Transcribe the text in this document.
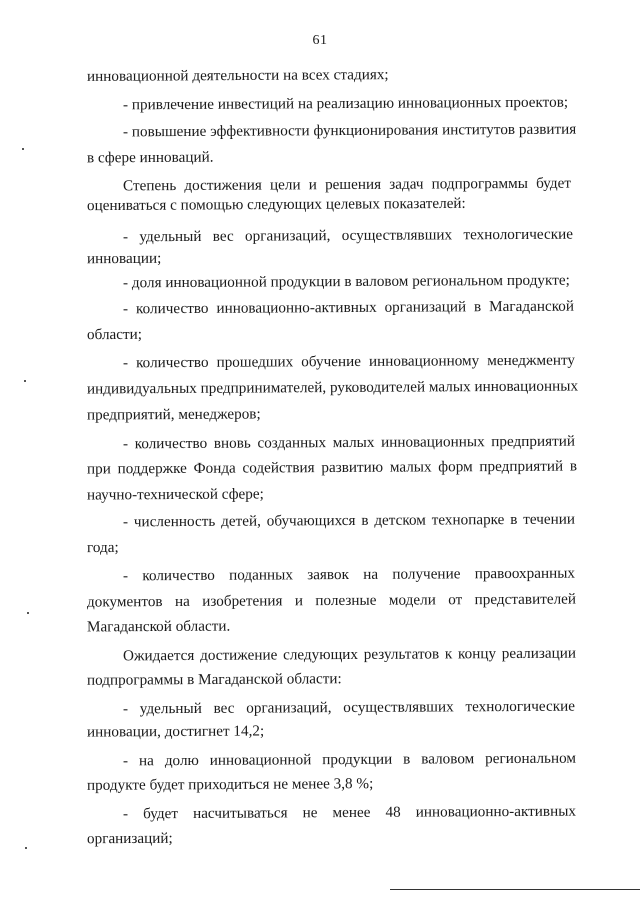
61
инновационной деятельности на всех стадиях;
- привлечение инвестиций на реализацию инновационных проектов;
- повышение эффективности функционирования институтов развития
в сфере инноваций.
Степень достижения цели и решения задач подпрограммы будет
оцениваться с помощью следующих целевых показателей:
- удельный вес организаций, осуществлявших технологические
инновации;
- доля инновационной продукции в валовом региональном продукте;
- количество инновационно-активных организаций в Магаданской
области;
- количество прошедших обучение инновационному менеджменту
индивидуальных предпринимателей, руководителей малых инновационных
предприятий, менеджеров;
- количество вновь созданных малых инновационных предприятий
при поддержке Фонда содействия развитию малых форм предприятий в
научно-технической сфере;
- численность детей, обучающихся в детском технопарке в течении
года;
- количество поданных заявок на получение правоохранных
документов на изобретения и полезные модели от представителей
Магаданской области.
Ожидается достижение следующих результатов к концу реализации
подпрограммы в Магаданской области:
- удельный вес организаций, осуществлявших технологические
инновации, достигнет 14,2;
- на долю инновационной продукции в валовом региональном
продукте будет приходиться не менее 3,8 %;
- будет насчитываться не менее 48 инновационно-активных
организаций;
